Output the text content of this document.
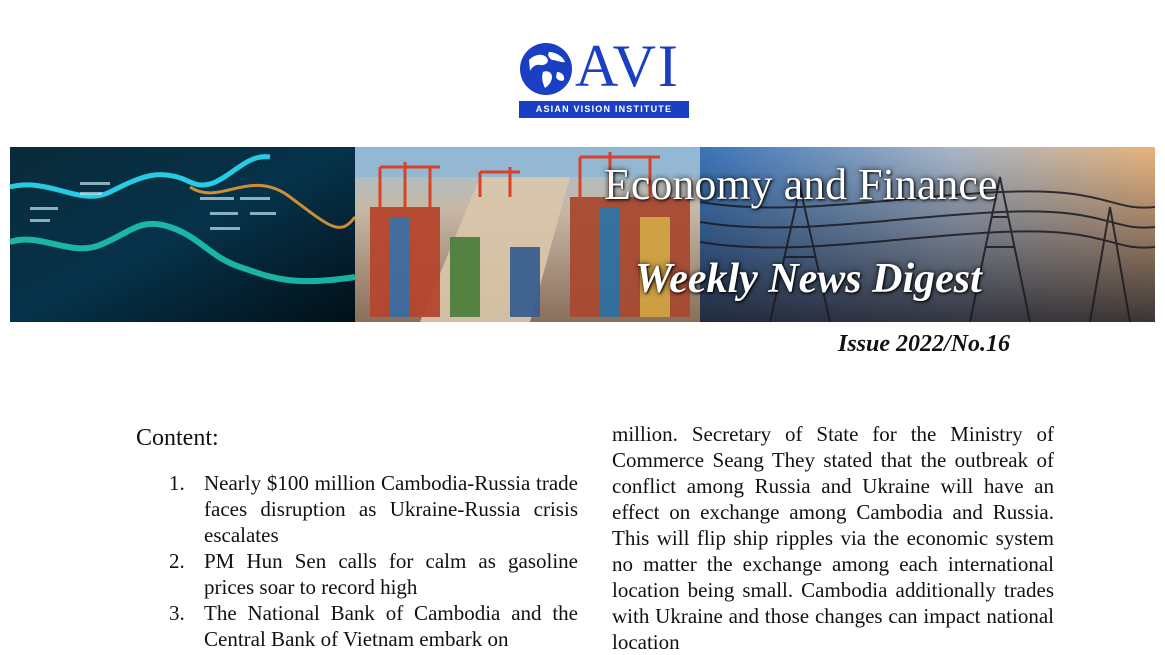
AVI
ASIAN VISION INSTITUTE
Economy and Finance
Weekly News Digest
Issue 2022/No.16
Content:
1. Nearly $100 million Cambodia-Russia trade faces disruption as Ukraine-Russia crisis escalates
2. PM Hun Sen calls for calm as gasoline prices soar to record high
3. The National Bank of Cambodia and the Central Bank of Vietnam embark on

million. Secretary of State for the Ministry of Commerce Seang They stated that the outbreak of conflict among Russia and Ukraine will have an effect on exchange among Cambodia and Russia. This will flip ship ripples via the economic system no matter the exchange among each international location being small. Cambodia additionally trades with Ukraine and those changes can impact national location
